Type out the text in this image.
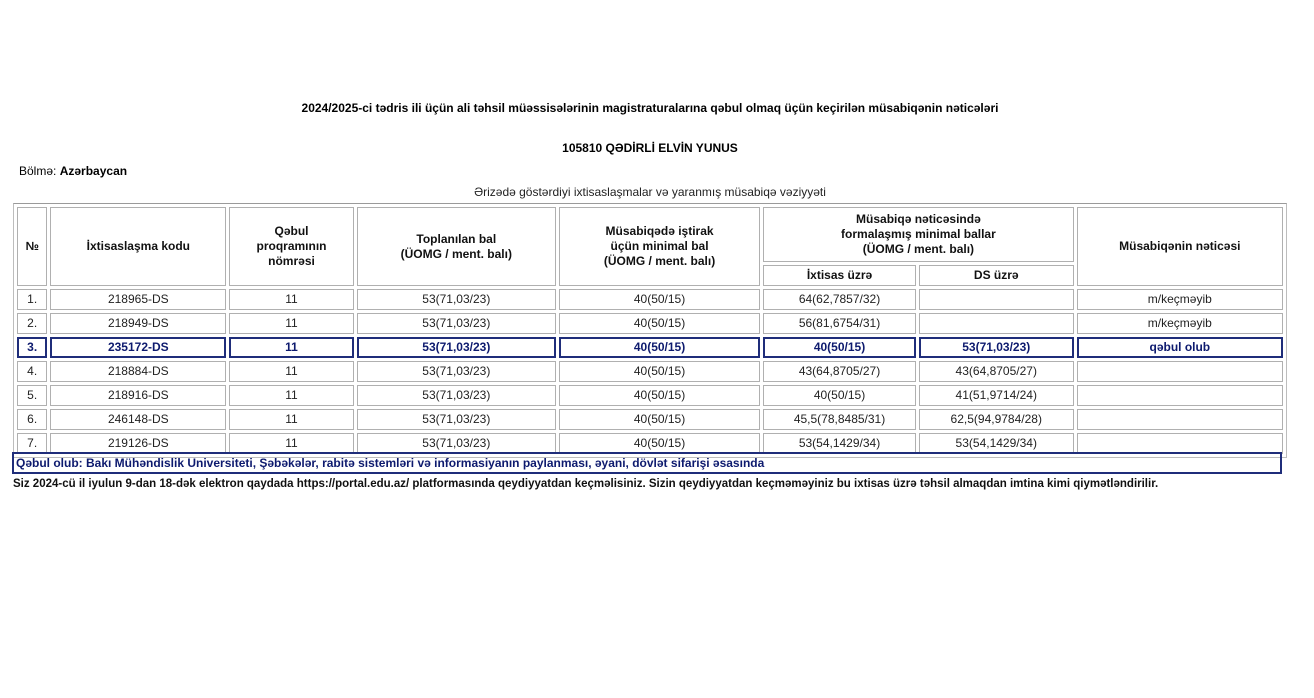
2024/2025-ci tədris ili üçün ali təhsil müəssisələrinin magistraturalarına qəbul olmaq üçün keçirilən müsabiqənin nəticələri
105810 QƏDİRLİ ELVİN YUNUS
Bölmə: Azərbaycan
Ərizədə göstərdiyi ixtisaslaşmalar və yaranmış müsabiqə vəziyyəti
№	İxtisaslaşma kodu	Qəbul
proqramının
nömrəsi	Toplanılan bal
(ÜOMG / ment. balı)	Müsabiqədə iştirak
üçün minimal bal
(ÜOMG / ment. balı)	Müsabiqə nəticəsində
formalaşmış minimal ballar
(ÜOMG / ment. balı)		Müsabiqənin nəticəsi
					İxtisas üzrə	DS üzrə	
1.	218965-DS	11	53(71,03/23)	40(50/15)	64(62,7857/32)		m/keçməyib
2.	218949-DS	11	53(71,03/23)	40(50/15)	56(81,6754/31)		m/keçməyib
3.	235172-DS	11	53(71,03/23)	40(50/15)	40(50/15)	53(71,03/23)	qəbul olub
4.	218884-DS	11	53(71,03/23)	40(50/15)	43(64,8705/27)	43(64,8705/27)	
5.	218916-DS	11	53(71,03/23)	40(50/15)	40(50/15)	41(51,9714/24)	
6.	246148-DS	11	53(71,03/23)	40(50/15)	45,5(78,8485/31)	62,5(94,9784/28)	
7.	219126-DS	11	53(71,03/23)	40(50/15)	53(54,1429/34)	53(54,1429/34)	
Qəbul olub: Bakı Mühəndislik Universiteti, Şəbəkələr, rabitə sistemləri və informasiyanın paylanması, əyani, dövlət sifarişi əsasında
Siz 2024-cü il iyulun 9-dan 18-dək elektron qaydada https://portal.edu.az/ platformasında qeydiyyatdan keçməlisiniz. Sizin qeydiyyatdan keçməməyiniz bu ixtisas üzrə təhsil almaqdan imtina kimi qiymətləndirilir.
